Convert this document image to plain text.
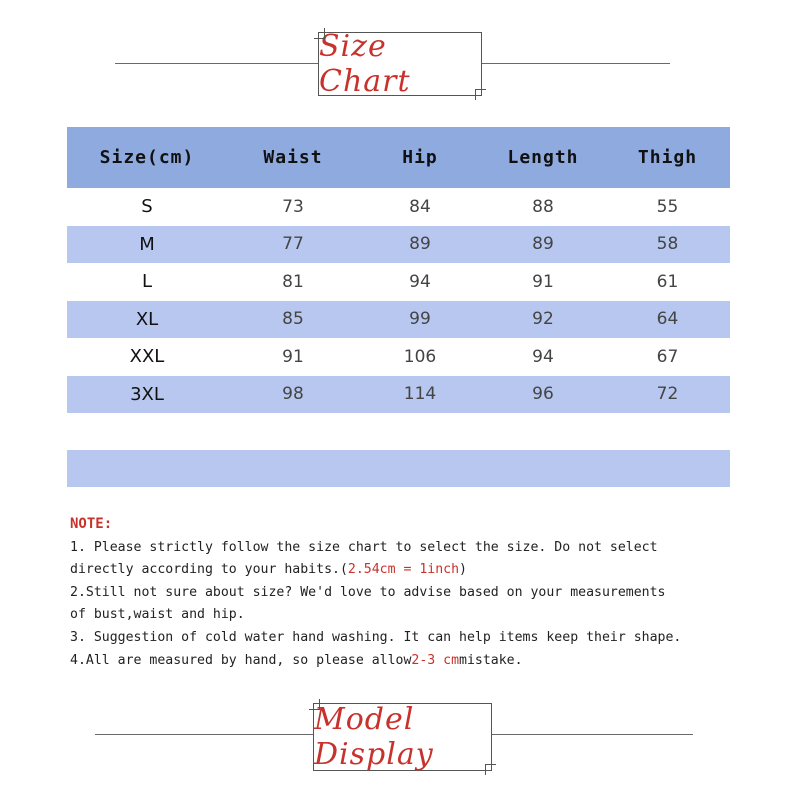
Size Chart
Size(cm)	Waist	Hip	Length	Thigh
S	73	84	88	55
M	77	89	89	58
L	81	94	91	61
XL	85	99	92	64
XXL	91	106	94	67
3XL	98	114	96	72
NOTE:
1. Please strictly follow the size chart to select the size. Do not select
directly according to your habits.(2.54cm = 1inch)
2.Still not sure about size? We'd love to advise based on your measurements
of bust,waist and hip.
3. Suggestion of cold water hand washing. It can help items keep their shape.
4.All are measured by hand, so please allow2-3 cmmistake.
Model Display
